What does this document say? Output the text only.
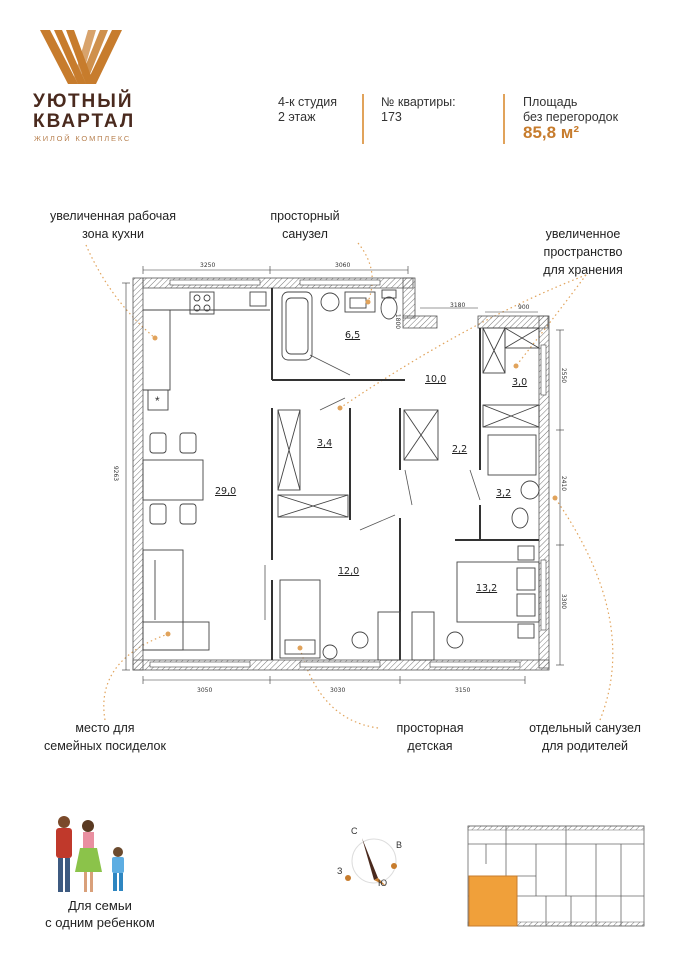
УЮТНЫЙ
КВАРТАЛ
ЖИЛОЙ КОМПЛЕКС
4-к студия
2 этаж
№ квартиры:
173
Площадь
без перегородок
85,8 м²
увеличенная рабочая
зона кухни
просторный
санузел	увеличенное
пространство
для хранения
место для
семейных посиделок
просторная
детская
отдельный санузел
для родителей
*
29,0
6,5
10,0	3,0
3,4
2,2
3,2
12,0
13,2
3250	3060
3180	900
3050	3030	3150
9263
2550
2410
3300
1800
Для семьи
с одним ребенком
С
В
Ю
З
